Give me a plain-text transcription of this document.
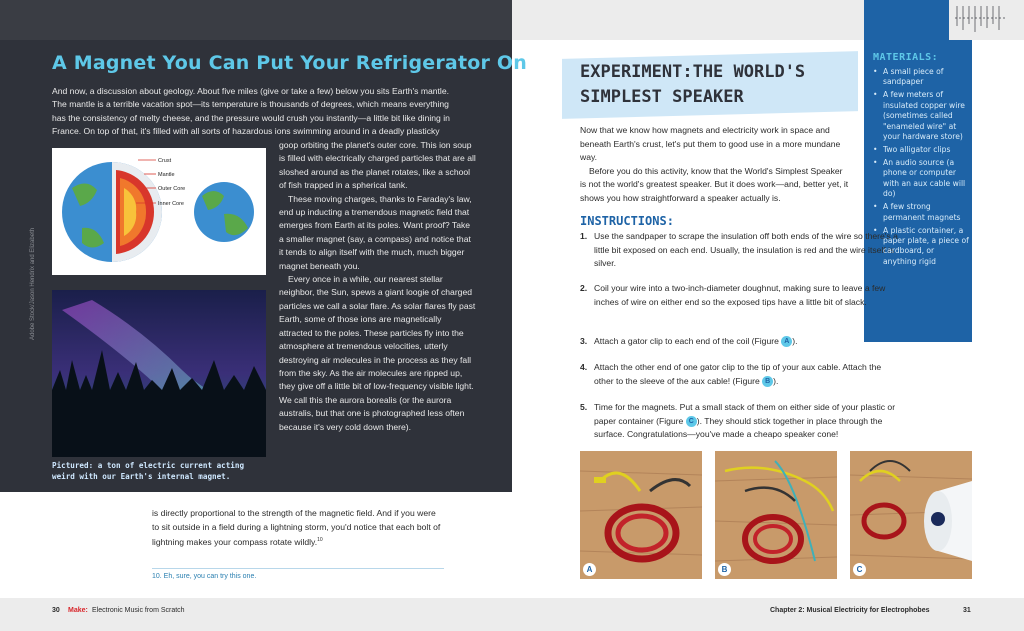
A Magnet You Can Put Your Refrigerator On

And now, a discussion about geology. About five miles (give or take a few) below you sits Earth's mantle. The mantle is a terrible vacation spot—its temperature is thousands of degrees, which means everything has the consistency of melty cheese, and the pressure would crush you instantly—a little bit like dining in France. On top of that, it's filled with all sorts of hazardous ions swimming around in a deadly plasticky

Crust
Mantle
Outer Core
Inner Core
Adobe Stock/Jason Hendrix and Elizabeth

Pictured: a ton of electric current acting weird with our Earth's internal magnet.

goop orbiting the planet's outer core. This ion soup is filled with electrically charged particles that are all sloshed around as the planet rotates, like a school of fish trapped in a spherical tank.

These moving charges, thanks to Faraday's law, end up inducting a tremendous magnetic field that emerges from Earth at its poles. Want proof? Take a smaller magnet (say, a compass) and notice that it tends to align itself with the much, much bigger magnet beneath you.

Every once in a while, our nearest stellar neighbor, the Sun, spews a giant loogie of charged particles we call a solar flare. As solar flares fly past Earth, some of those ions are magnetically attracted to the poles. These particles fly into the atmosphere at tremendous velocities, utterly destroying air molecules in the process as they fall from the sky. As the air molecules are ripped up, they give off a little bit of low-frequency visible light. We call this the aurora borealis (or the aurora australis, but that one is photographed less often because it's very cold down there).

is directly proportional to the strength of the magnetic field. And if you were to sit outside in a field during a lightning storm, you'd notice that each bolt of lightning makes your compass rotate wildly.$^{10}$

10. Eh, sure, you can try this one.

30 Make: Electronic Music from Scratch
EXPERIMENT:THE WORLD'S
SIMPLEST SPEAKER

Now that we know how magnets and electricity work in space and beneath Earth's crust, let's put them to good use in a more mundane way.

Before you do this activity, know that the World's Simplest Speaker is not the world's greatest speaker. But it does work—and, better yet, it shows you how straightforward a speaker actually is.

INSTRUCTIONS:
1. Use the sandpaper to scrape the insulation off both ends of the wire so there's a little bit exposed on each end. Usually, the insulation is red and the wire itself is silver.
2. Coil your wire into a two-inch-diameter doughnut, making sure to leave a few inches of wire on either end so the exposed tips have a little bit of slack.
3. Attach a gator clip to each end of the coil (Figure A ).
4. Attach the other end of one gator clip to the tip of your aux cable. Attach the other to the sleeve of the aux cable! (Figure B ).
5. Time for the magnets. Put a small stack of them on either side of your plastic or paper container (Figure C ). They should stick together in place through the surface. Congratulations—you've made a cheapo speaker cone!
MATERIALS:
• A small piece of sandpaper
• A few meters of insulated copper wire (sometimes called "enameled wire" at your hardware store)
• Two alligator clips
• An audio source (a phone or computer with an aux cable will do)
• A few strong permanent magnets
• A plastic container, a paper plate, a piece of cardboard, or anything rigid
A	B	C
Chapter 2: Musical Electricity for Electrophobes	31
